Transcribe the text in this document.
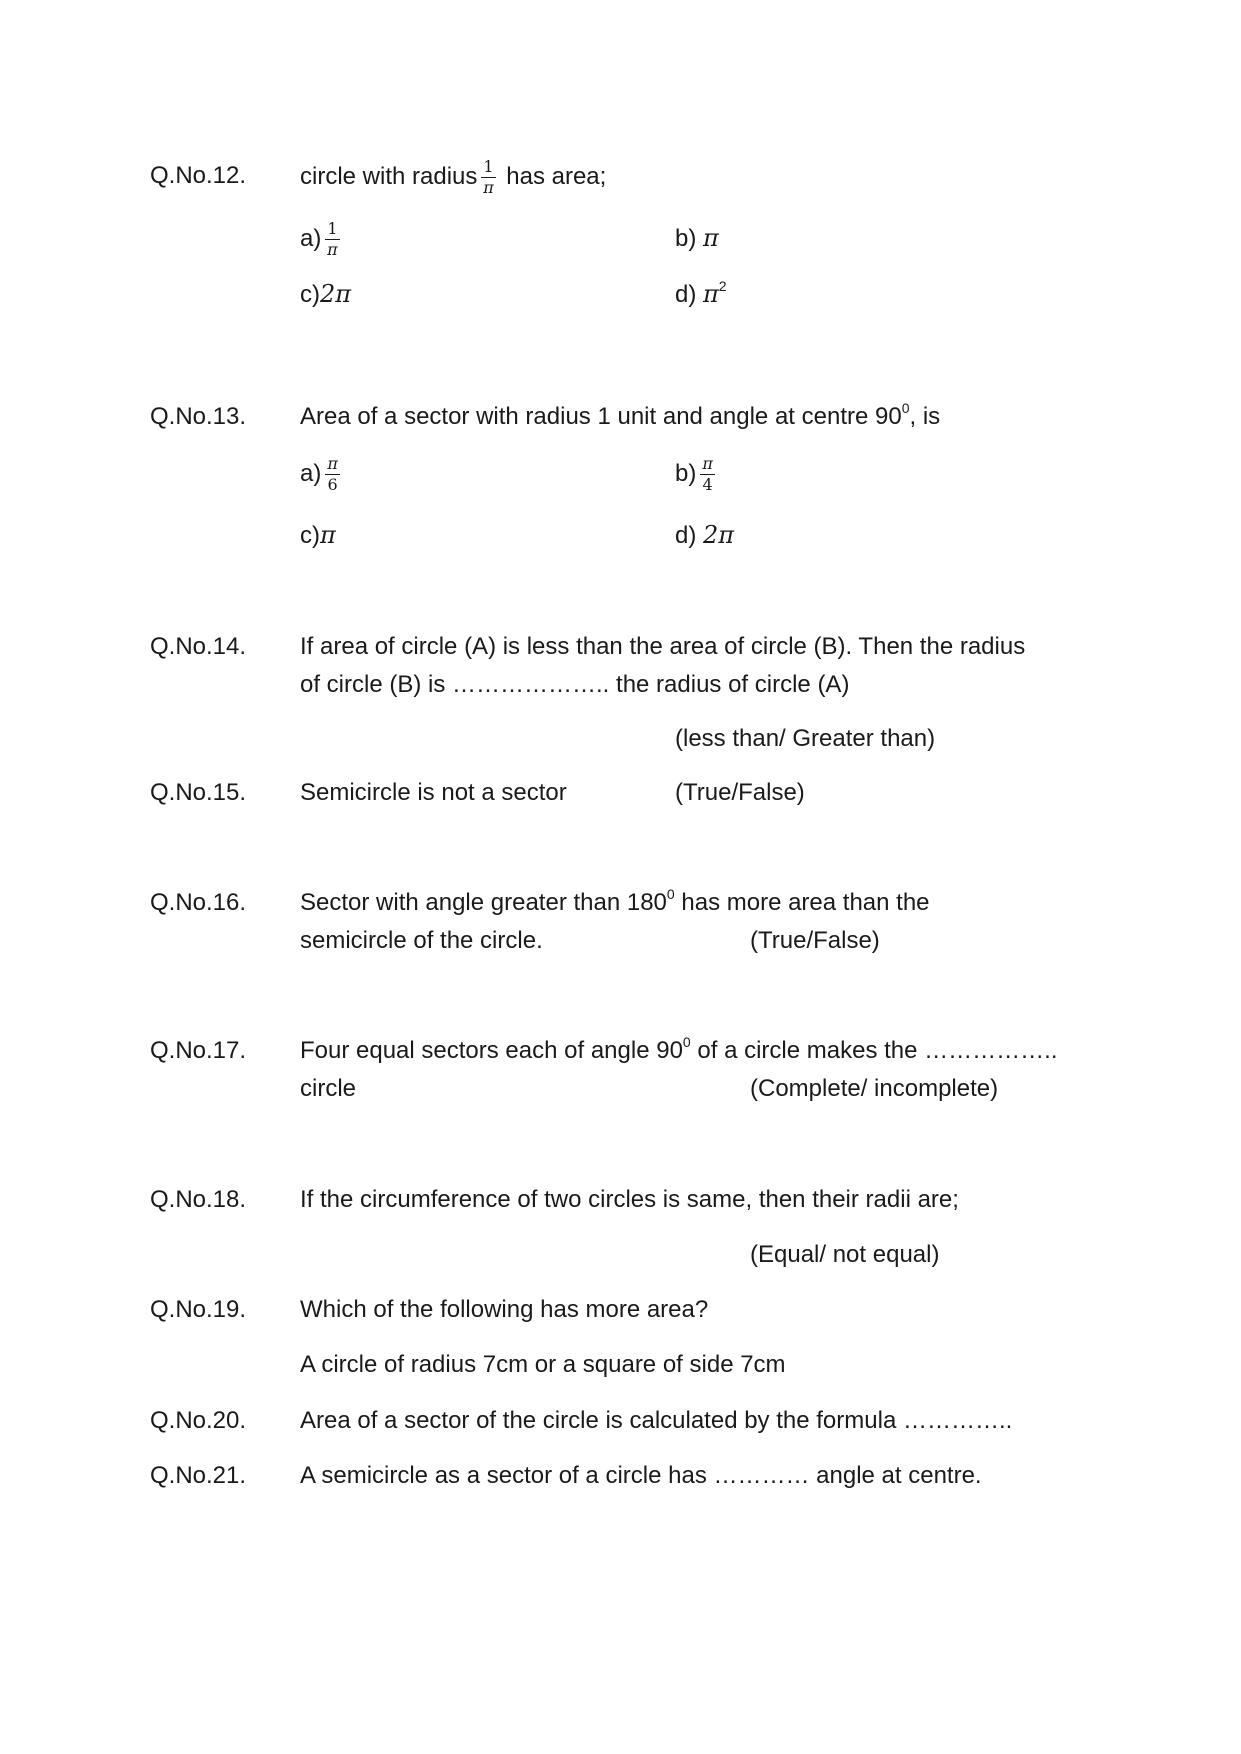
Q.No.12. circle with radius $\frac{1}{\pi}$ has area;
$a) \frac{1}{\pi}$	b) π
c)2π	d) $\pi^2$
Q.No.13. Area of a sector with radius 1 unit and angle at centre $90^0$, is
$a) \frac{\pi}{6}$	$b) \frac{\pi}{4}$
c)π	d) 2π
Q.No.14. If area of circle (A) is less than the area of circle (B). Then the radius
of circle (B) is ……………….. the radius of circle (A)
(less than/ Greater than)
Q.No.15. Semicircle is not a sector	(True/False)
Q.No.16. Sector with angle greater than $180^0$ has more area than the
semicircle of the circle.	(True/False)
Q.No.17. Four equal sectors each of angle $90^0$ of a circle makes the ……………..
circle	(Complete/ incomplete)
Q.No.18. If the circumference of two circles is same, then their radii are;
(Equal/ not equal)
Q.No.19. Which of the following has more area?
A circle of radius 7cm or a square of side 7cm
Q.No.20. Area of a sector of the circle is calculated by the formula …………..
Q.No.21. A semicircle as a sector of a circle has ………… angle at centre.
